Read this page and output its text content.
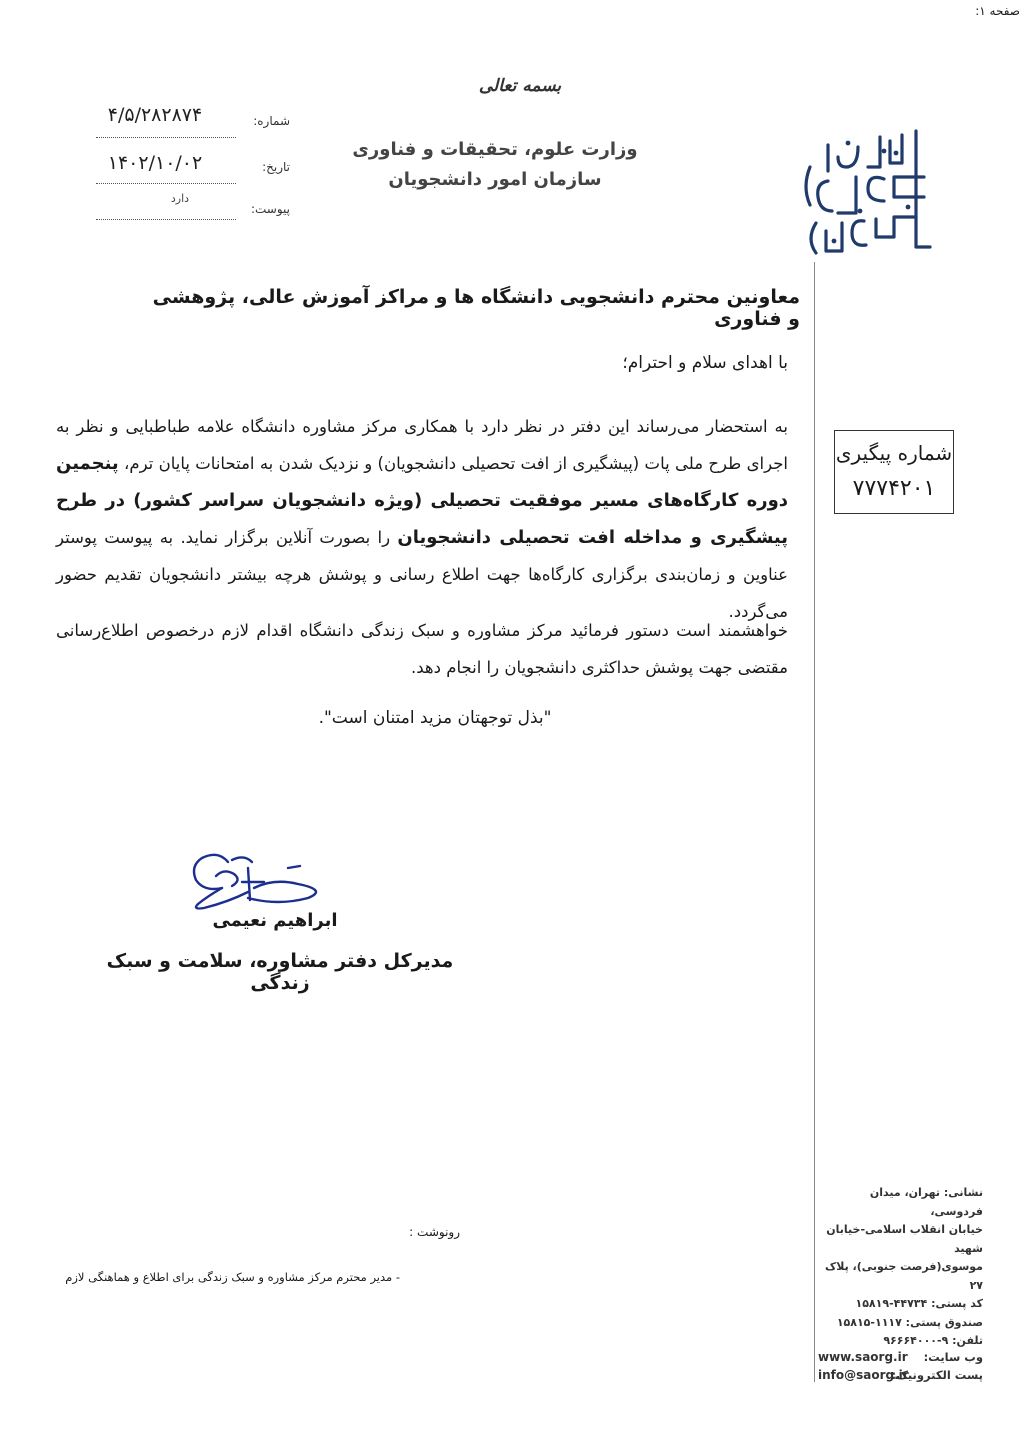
صفحه ۱:
بسمه تعالی
وزارت علوم، تحقیقات و فناوری
سازمان امور دانشجویان
شماره:
۴/۵/۲۸۲۸۷۴
تاریخ:
۱۴۰۲/۱۰/۰۲
پیوست:
دارد
معاونین محترم دانشجویی دانشگاه ها و مراکز آموزش عالی، پژوهشی و فناوری
با اهدای سلام و احترام؛
به استحضار می‌رساند این دفتر در نظر دارد با همکاری مرکز مشاوره دانشگاه علامه طباطبایی و نظر به اجرای طرح ملی پات (پیشگیری از افت تحصیلی دانشجویان) و نزدیک شدن به امتحانات پایان ترم، پنجمین دوره کارگاه‌های مسیر موفقیت تحصیلی (ویژه دانشجویان سراسر کشور) در طرح پیشگیری و مداخله افت تحصیلی دانشجویان را بصورت آنلاین برگزار نماید. به پیوست پوستر عناوین و زمان‌بندی برگزاری کارگاه‌ها جهت اطلاع رسانی و پوشش هرچه بیشتر دانشجویان تقدیم حضور می‌گردد.
خواهشمند است دستور فرمائید مرکز مشاوره و سبک زندگی دانشگاه اقدام لازم درخصوص اطلاع‌رسانی مقتضی جهت پوشش حداکثری دانشجویان را انجام دهد.
"بذل توجهتان مزید امتنان است".
شماره پیگیری
۷۷۷۴۲۰۱
ابراهیم نعیمی
مدیرکل دفتر مشاوره، سلامت و سبک زندگی
رونوشت :
- مدیر محترم مرکز مشاوره و سبک زندگی برای اطلاع و هماهنگی لازم
نشانی: تهران، میدان فردوسی،
خیابان انقلاب اسلامی-خیابان شهید
موسوی(فرصت جنوبی)، پلاک ۲۷
کد پستی: ۴۴۷۳۴-۱۵۸۱۹
صندوق پستی: ۱۱۱۷-۱۵۸۱۵
تلفن: ۹-۹۶۶۶۴۰۰۰
وب سایت:
www.saorg.ir
پست الکترونیک:
info@saorg.ir
